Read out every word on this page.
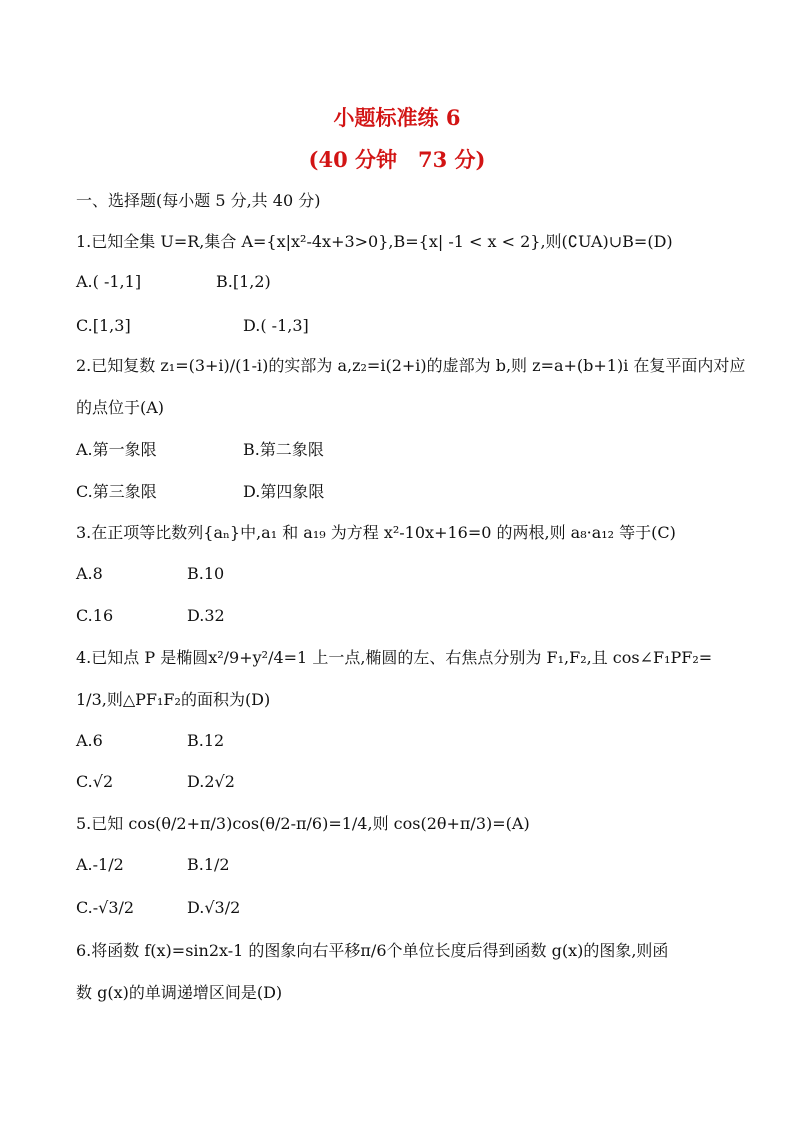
小题标准练 6
(40 分钟　73 分)
一、选择题(每小题 5 分,共 40 分)
1.已知全集 U=R,集合 A={x|x²-4x+3>0},B={x| -1 < x < 2},则(∁UA)∪B=(D)
A.( -1,1]	B.[1,2)
C.[1,3]	D.( -1,3]
2.已知复数 z₁=(3+i)/(1-i)的实部为 a,z₂=i(2+i)的虚部为 b,则 z=a+(b+1)i 在复平面内对应
的点位于(A)
A.第一象限	B.第二象限
C.第三象限	D.第四象限
3.在正项等比数列{aₙ}中,a₁ 和 a₁₉ 为方程 x²-10x+16=0 的两根,则 a₈·a₁₂ 等于(C)
A.8	B.10
C.16	D.32
4.已知点 P 是椭圆x²/9+y²/4=1 上一点,椭圆的左、右焦点分别为 F₁,F₂,且 cos∠F₁PF₂=
1/3,则△PF₁F₂的面积为(D)
A.6	B.12
C.√2	D.2√2
5.已知 cos(θ/2+π/3)cos(θ/2-π/6)=1/4,则 cos(2θ+π/3)=(A)
A.-1/2	B.1/2
C.-√3/2	D.√3/2
6.将函数 f(x)=sin2x-1 的图象向右平移π/6个单位长度后得到函数 g(x)的图象,则函
数 g(x)的单调递增区间是(D)
